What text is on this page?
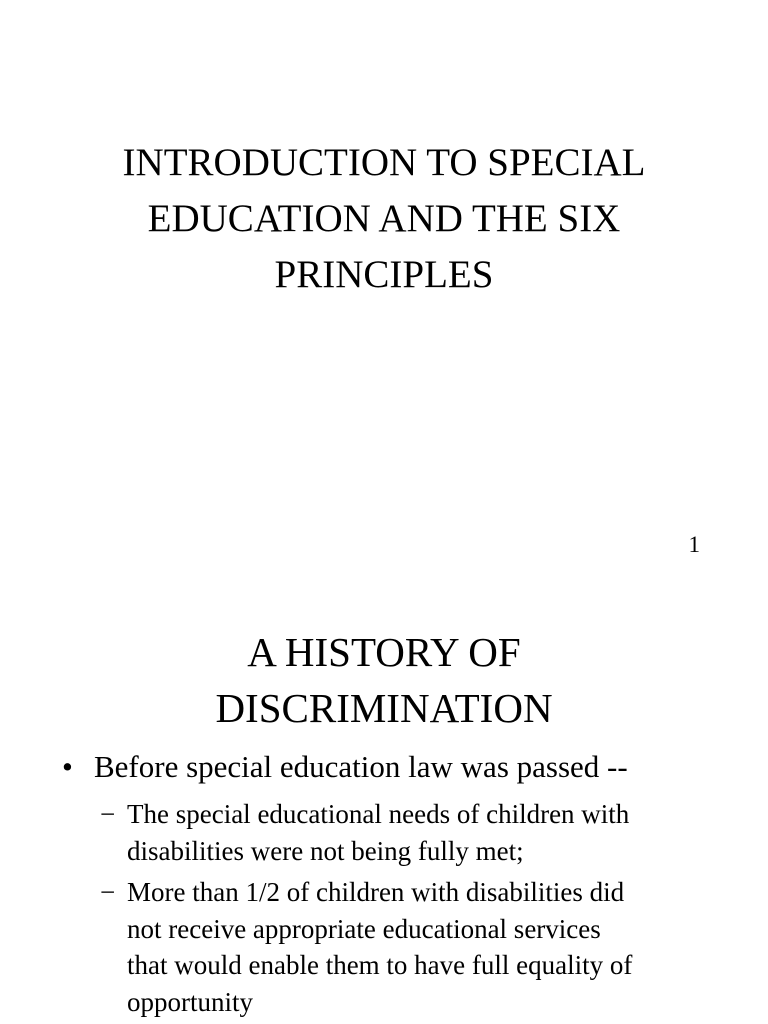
INTRODUCTION TO SPECIAL
EDUCATION AND THE SIX
PRINCIPLES
1
A HISTORY OF
DISCRIMINATION
• Before special education law was passed --
− The special educational needs of children with
disabilities were not being fully met;
− More than 1/2 of children with disabilities did
not receive appropriate educational services
that would enable them to have full equality of
opportunity
